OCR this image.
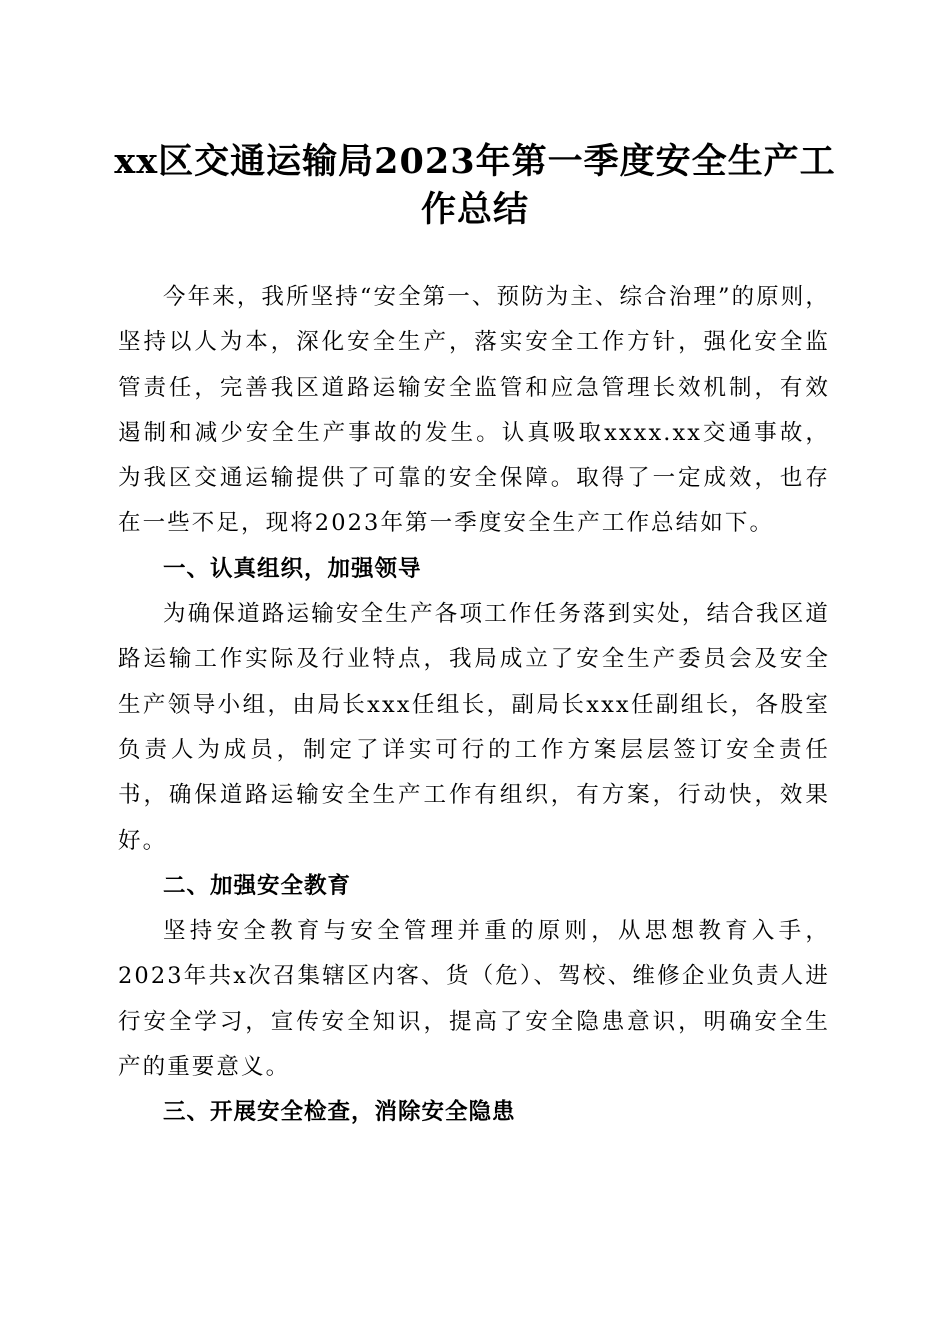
xx区交通运输局2023年第一季度安全生产工
作总结

今年来，我所坚持“安全第一、预防为主、综合治理”的原则，坚持以人为本，深化安全生产，落实安全工作方针，强化安全监管责任，完善我区道路运输安全监管和应急管理长效机制，有效遏制和减少安全生产事故的发生。认真吸取xxxx.xx交通事故，为我区交通运输提供了可靠的安全保障。取得了一定成效，也存在一些不足，现将2023年第一季度安全生产工作总结如下。

一、认真组织，加强领导

为确保道路运输安全生产各项工作任务落到实处，结合我区道路运输工作实际及行业特点，我局成立了安全生产委员会及安全生产领导小组，由局长xxx任组长，副局长xxx任副组长，各股室负责人为成员，制定了详实可行的工作方案层层签订安全责任书，确保道路运输安全生产工作有组织，有方案，行动快，效果好。

二、加强安全教育

坚持安全教育与安全管理并重的原则，从思想教育入手，2023年共x次召集辖区内客、货（危）、驾校、维修企业负责人进行安全学习，宣传安全知识，提高了安全隐患意识，明确安全生产的重要意义。

三、开展安全检查，消除安全隐患
